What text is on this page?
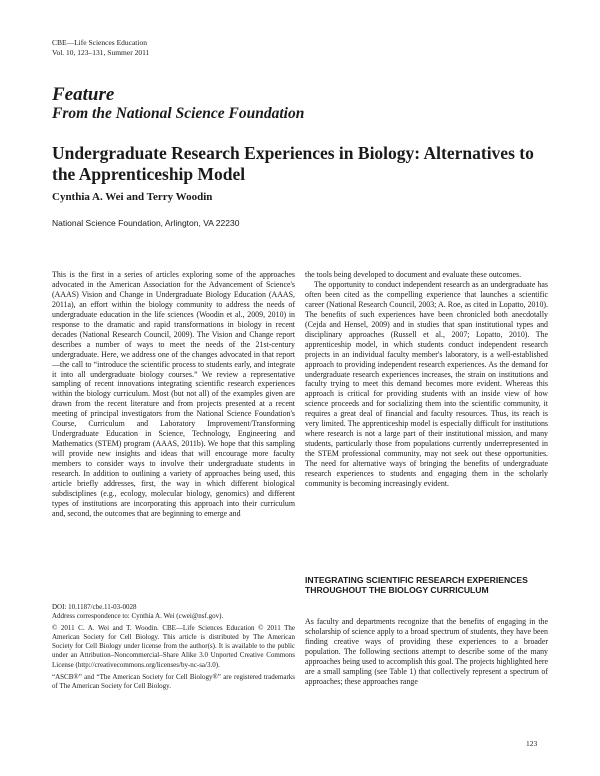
CBE—Life Sciences Education
Vol. 10, 123–131, Summer 2011
Feature
From the National Science Foundation
Undergraduate Research Experiences in Biology: Alternatives to the Apprenticeship Model
Cynthia A. Wei and Terry Woodin
National Science Foundation, Arlington, VA 22230

This is the first in a series of articles exploring some of the approaches advocated in the American Association for the Advancement of Science's (AAAS) Vision and Change in Undergraduate Biology Education (AAAS, 2011a), an effort within the biology community to address the needs of undergraduate education in the life sciences (Woodin et al., 2009, 2010) in response to the dramatic and rapid transformations in biology in recent decades (National Research Council, 2009). The Vision and Change report describes a number of ways to meet the needs of the 21st-century undergraduate. Here, we address one of the changes advocated in that report—the call to “introduce the scientific process to students early, and integrate it into all undergraduate biology courses.” We review a representative sampling of recent innovations integrating scientific research experiences within the biology curriculum. Most (but not all) of the examples given are drawn from the recent literature and from projects presented at a recent meeting of principal investigators from the National Science Foundation's Course, Curriculum and Laboratory Improvement/Transforming Undergraduate Education in Science, Technology, Engineering and Mathematics (STEM) program (AAAS, 2011b). We hope that this sampling will provide new insights and ideas that will encourage more faculty members to consider ways to involve their undergraduate students in research. In addition to outlining a variety of approaches being used, this article briefly addresses, first, the way in which different biological subdisciplines (e.g., ecology, molecular biology, genomics) and different types of institutions are incorporating this approach into their curriculum and, second, the outcomes that are beginning to emerge and

the tools being developed to document and evaluate these outcomes.

The opportunity to conduct independent research as an undergraduate has often been cited as the compelling experience that launches a scientific career (National Research Council, 2003; A. Roe, as cited in Lopatto, 2010). The benefits of such experiences have been chronicled both anecdotally (Cejda and Hensel, 2009) and in studies that span institutional types and disciplinary approaches (Russell et al., 2007; Lopatto, 2010). The apprenticeship model, in which students conduct independent research projects in an individual faculty member's laboratory, is a well-established approach to providing independent research experiences. As the demand for undergraduate research experiences increases, the strain on institutions and faculty trying to meet this demand becomes more evident. Whereas this approach is critical for providing students with an inside view of how science proceeds and for socializing them into the scientific community, it requires a great deal of financial and faculty resources. Thus, its reach is very limited. The apprenticeship model is especially difficult for institutions where research is not a large part of their institutional mission, and many students, particularly those from populations currently underrepresented in the STEM professional community, may not seek out these opportunities. The need for alternative ways of bringing the benefits of undergraduate research experiences to students and engaging them in the scholarly community is becoming increasingly evident.

DOI: 10.1187/cbe.11-03-0028

Address correspondence to: Cynthia A. Wei (cwei@nsf.gov).

© 2011 C. A. Wei and T. Woodin. CBE—Life Sciences Education © 2011 The American Society for Cell Biology. This article is distributed by The American Society for Cell Biology under license from the author(s). It is available to the public under an Attribution–Noncommercial–Share Alike 3.0 Unported Creative Commons License (http://creativecommons.org/licenses/by-nc-sa/3.0).

“ASCB®” and “The American Society for Cell Biology®” are registered trademarks of The American Society for Cell Biology.

INTEGRATING SCIENTIFIC RESEARCH EXPERIENCES THROUGHOUT THE BIOLOGY CURRICULUM

As faculty and departments recognize that the benefits of engaging in the scholarship of science apply to a broad spectrum of students, they have been finding creative ways of providing these experiences to a broader population. The following sections attempt to describe some of the many approaches being used to accomplish this goal. The projects highlighted here are a small sampling (see Table 1) that collectively represent a spectrum of approaches; these approaches range

123
